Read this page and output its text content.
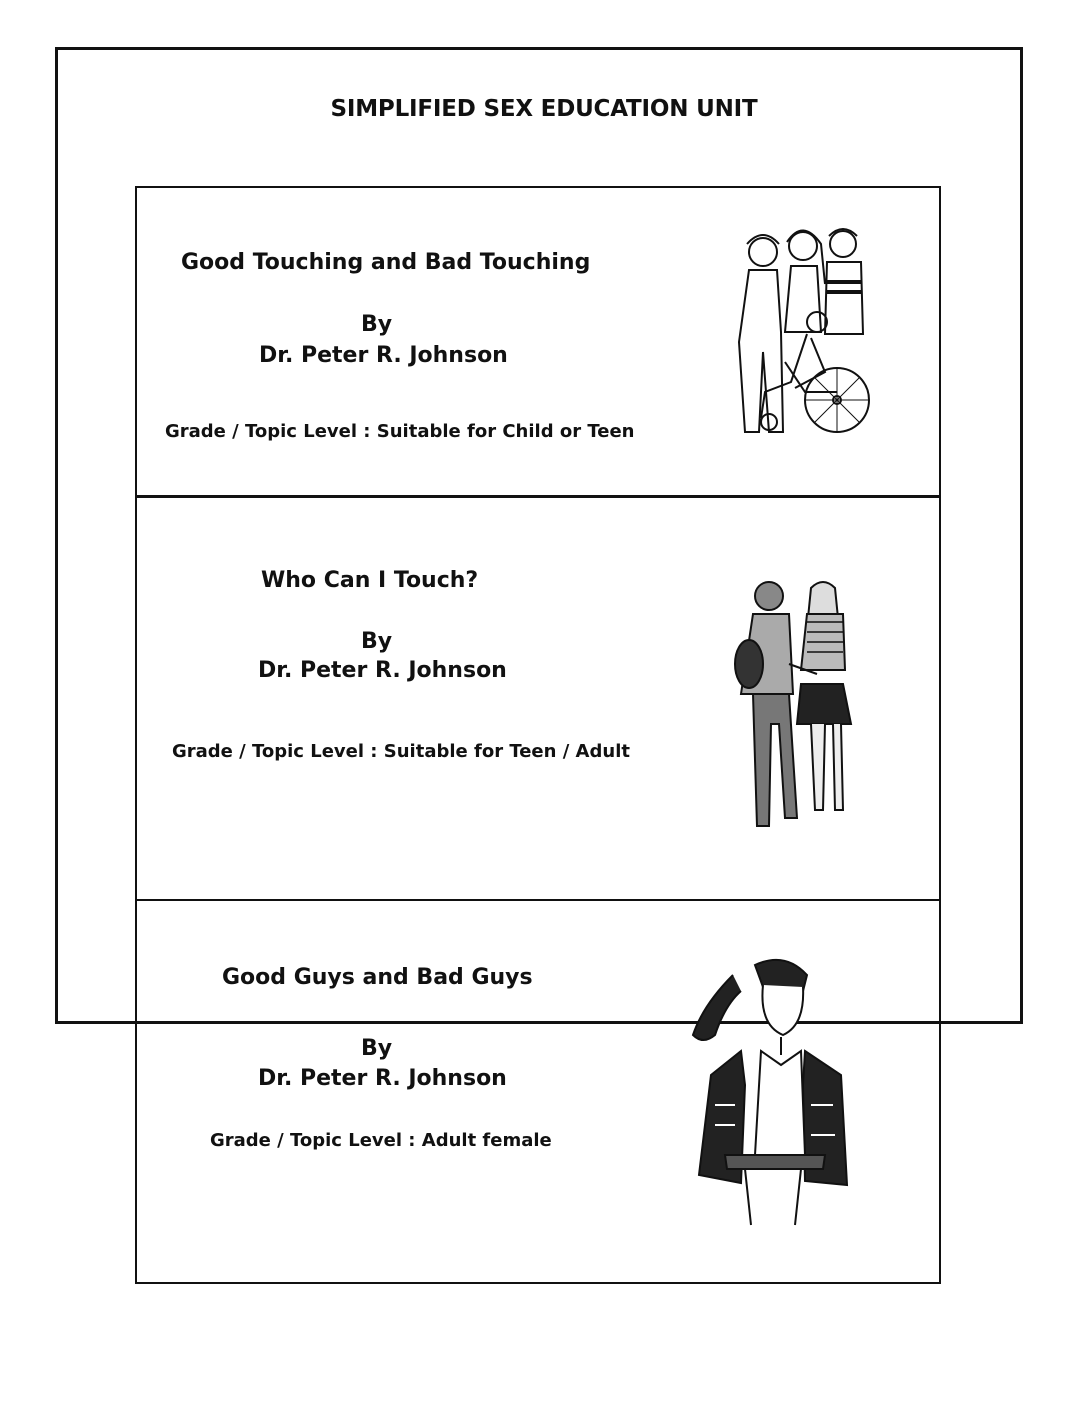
SIMPLIFIED SEX EDUCATION UNIT
Good Touching and Bad Touching
By
Dr. Peter R. Johnson
Grade / Topic Level : Suitable for Child or Teen
Who Can I Touch?
By
Dr. Peter R. Johnson
Grade / Topic Level : Suitable for Teen / Adult
Good Guys and Bad Guys
By
Dr. Peter R. Johnson
Grade / Topic Level : Adult female
